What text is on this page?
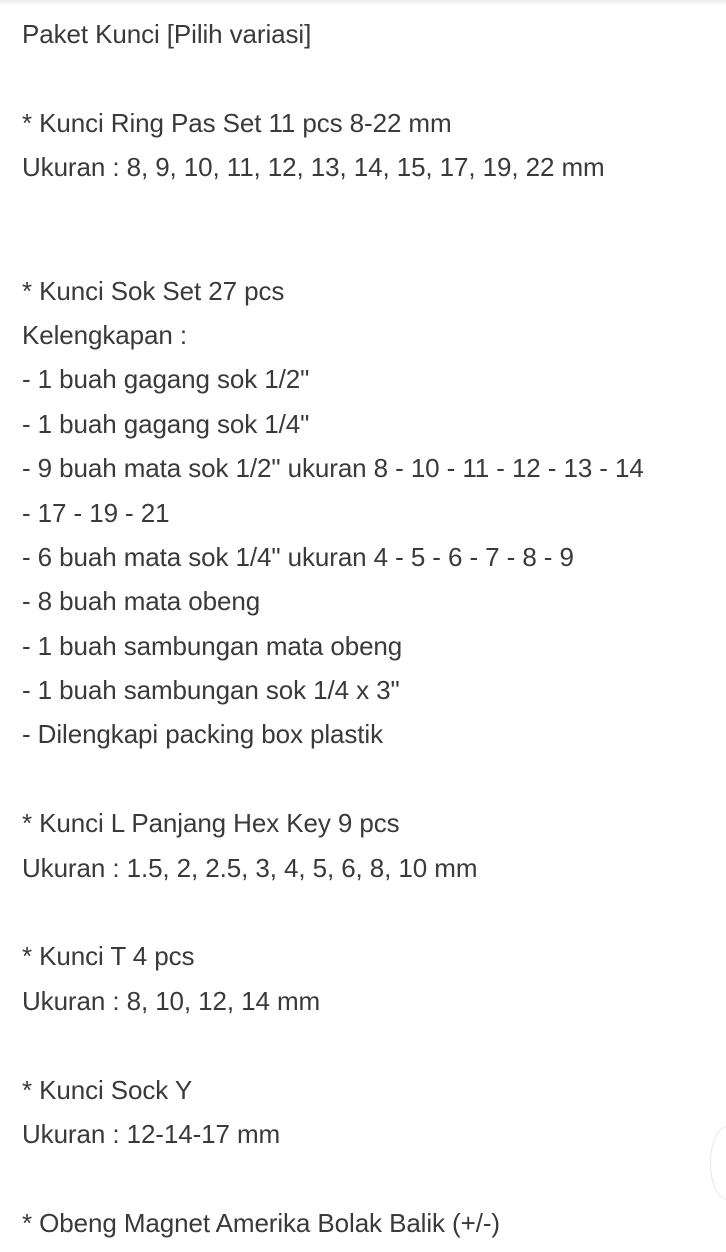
Paket Kunci [Pilih variasi]
* Kunci Ring Pas Set 11 pcs 8-22 mm
Ukuran : 8, 9, 10, 11, 12, 13, 14, 15, 17, 19, 22 mm
* Kunci Sok Set 27 pcs
Kelengkapan :
- 1 buah gagang sok 1/2"
- 1 buah gagang sok 1/4"
- 9 buah mata sok 1/2" ukuran 8 - 10 - 11 - 12 - 13 - 14
- 17 - 19 - 21
- 6 buah mata sok 1/4" ukuran 4 - 5 - 6 - 7 - 8 - 9
- 8 buah mata obeng
- 1 buah sambungan mata obeng
- 1 buah sambungan sok 1/4 x 3"
- Dilengkapi packing box plastik
* Kunci L Panjang Hex Key 9 pcs
Ukuran : 1.5, 2, 2.5, 3, 4, 5, 6, 8, 10 mm
* Kunci T 4 pcs
Ukuran : 8, 10, 12, 14 mm
* Kunci Sock Y
Ukuran : 12-14-17 mm
* Obeng Magnet Amerika Bolak Balik (+/-)
